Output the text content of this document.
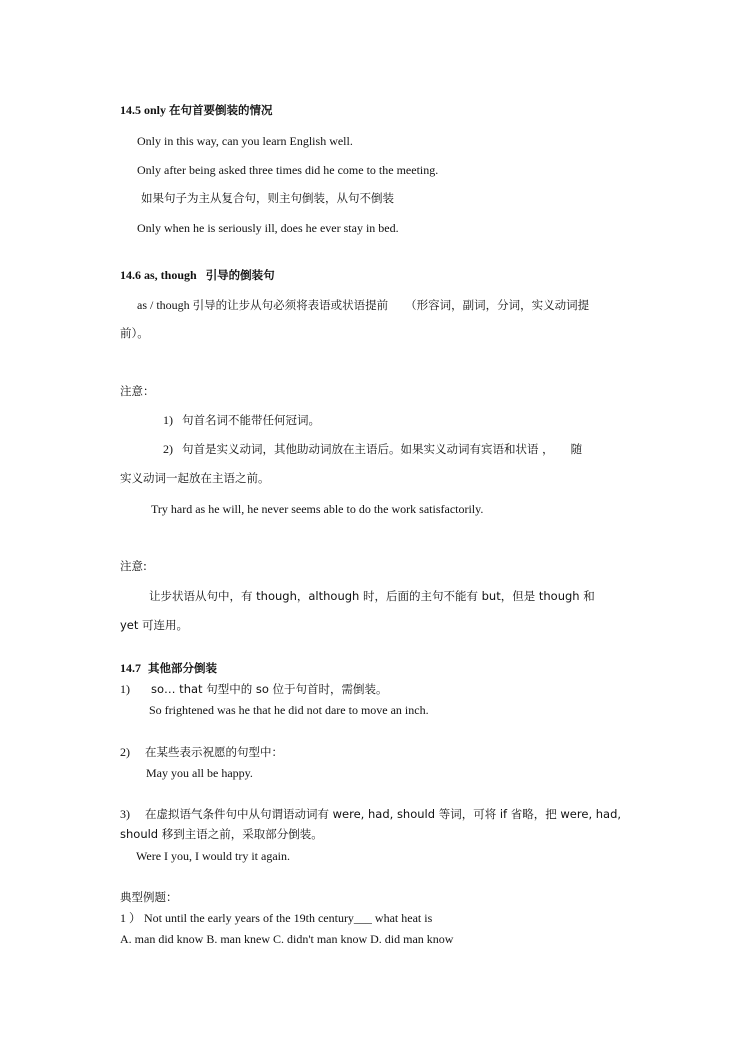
14.5 only 在句首要倒装的情况
Only in this way, can you learn English well.
Only after being asked three times did he come to the meeting.
如果句子为主从复合句，则主句倒装，从句不倒装
Only when he is seriously ill, does he ever stay in bed.
14.6 as, though 引导的倒装句
as / though 引导的让步从句必须将表语或状语提前 （形容词，副词，分词，实义动词提
前）。
注意：
1) 句首名词不能带任何冠词。
2) 句首是实义动词，其他助动词放在主语后。如果实义动词有宾语和状语 ， 随
实义动词一起放在主语之前。
Try hard as he will, he never seems able to do the work satisfactorily.
注意:
让步状语从句中，有 though，although 时，后面的主句不能有 but，但是 though 和
yet 可连用。
14.7 其他部分倒装
1) so… that 句型中的 so 位于句首时，需倒装。
So frightened was he that he did not dare to move an inch.
2) 在某些表示祝愿的句型中：
May you all be happy.
3) 在虚拟语气条件句中从句谓语动词有 were, had, should 等词，可将 if 省略，把 were, had,
should 移到主语之前，采取部分倒装。
Were I you, I would try it again.
典型例题：
1 ） Not until the early years of the 19th century___ what heat is
A. man did know B. man knew C. didn't man know D. did man know
